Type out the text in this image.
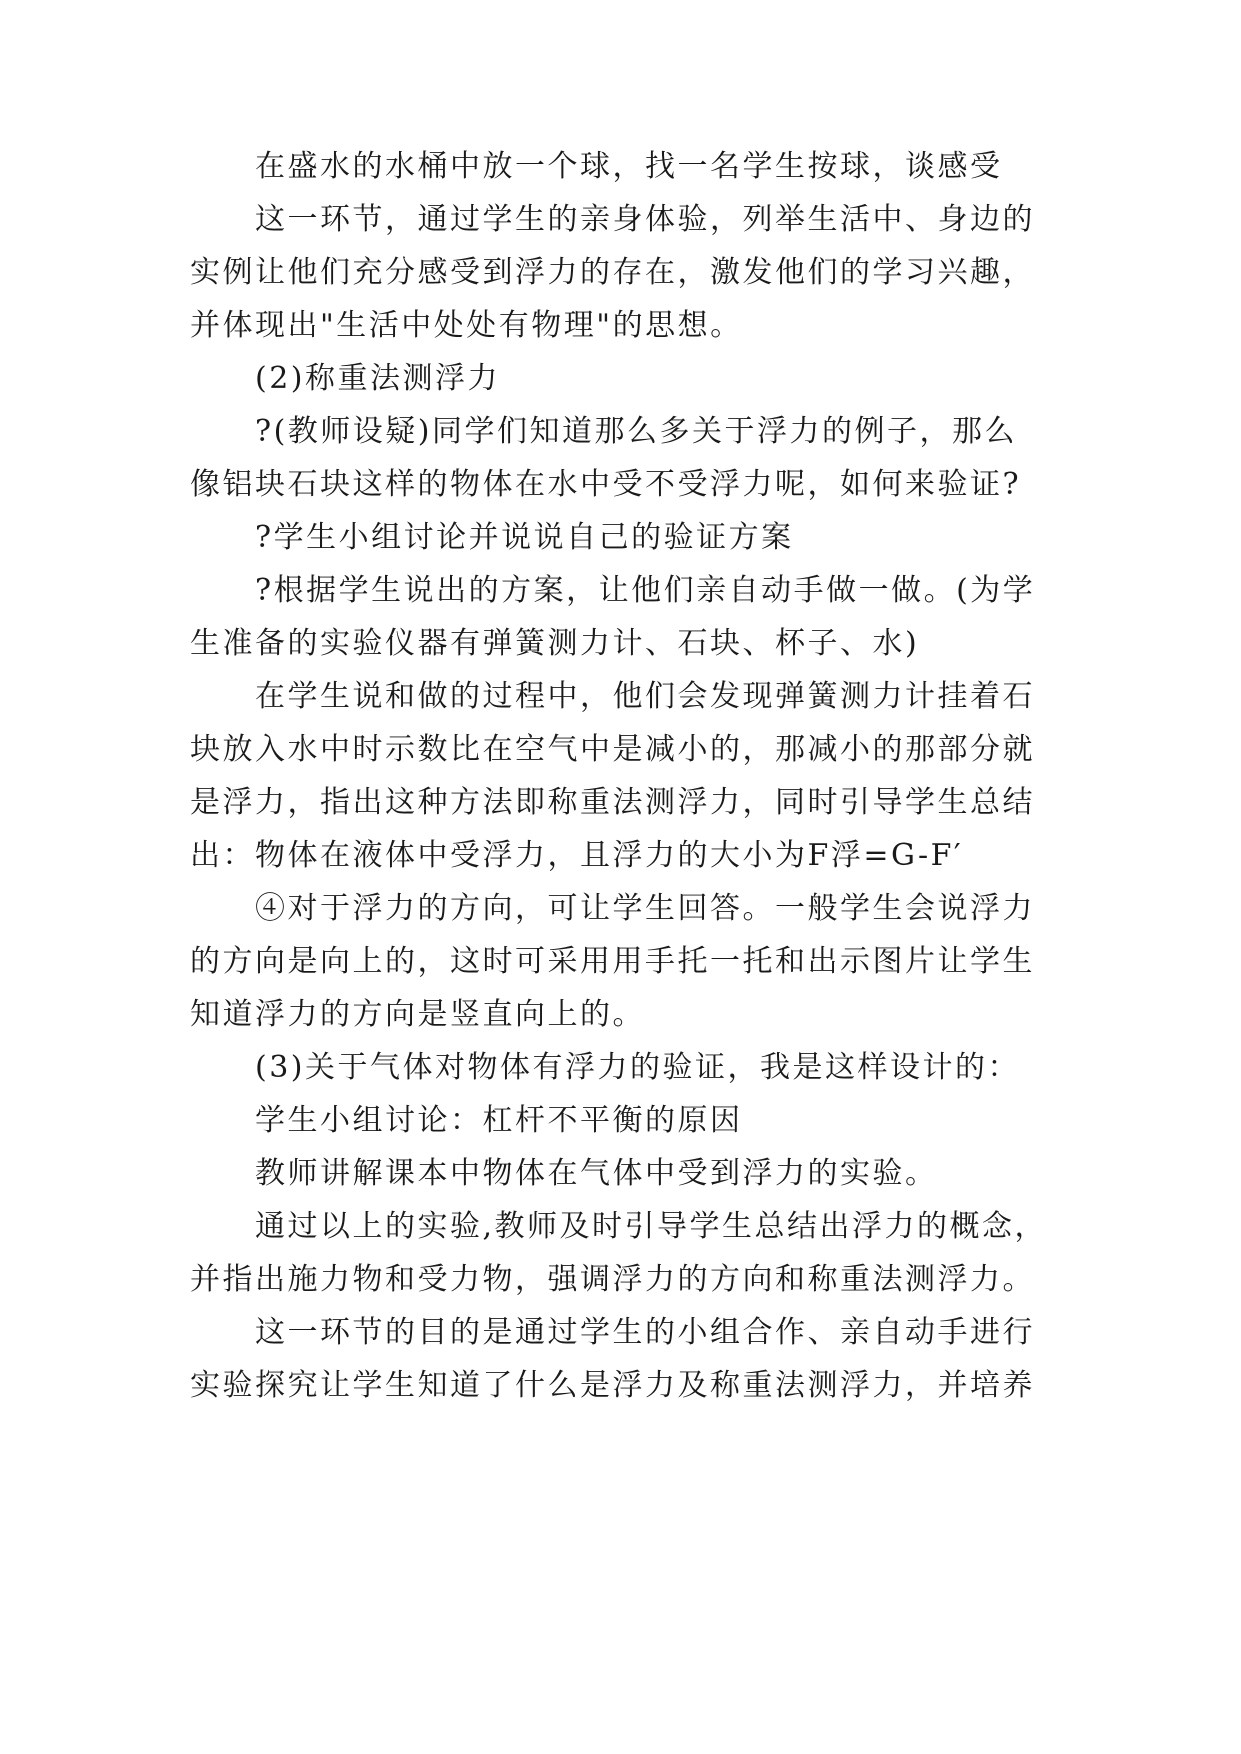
在盛水的水桶中放一个球，找一名学生按球，谈感受
这一环节，通过学生的亲身体验，列举生活中、身边的
实例让他们充分感受到浮力的存在，激发他们的学习兴趣，
并体现出"生活中处处有物理"的思想。
(2)称重法测浮力
?(教师设疑)同学们知道那么多关于浮力的例子，那么
像铝块石块这样的物体在水中受不受浮力呢，如何来验证?
?学生小组讨论并说说自己的验证方案
?根据学生说出的方案，让他们亲自动手做一做。(为学
生准备的实验仪器有弹簧测力计、石块、杯子、水)
在学生说和做的过程中，他们会发现弹簧测力计挂着石
块放入水中时示数比在空气中是减小的，那减小的那部分就
是浮力，指出这种方法即称重法测浮力，同时引导学生总结
出：物体在液体中受浮力，且浮力的大小为F浮=G-F′
④对于浮力的方向，可让学生回答。一般学生会说浮力
的方向是向上的，这时可采用用手托一托和出示图片让学生
知道浮力的方向是竖直向上的。
(3)关于气体对物体有浮力的验证，我是这样设计的：
学生小组讨论：杠杆不平衡的原因
教师讲解课本中物体在气体中受到浮力的实验。
通过以上的实验,教师及时引导学生总结出浮力的概念，
并指出施力物和受力物，强调浮力的方向和称重法测浮力。
这一环节的目的是通过学生的小组合作、亲自动手进行
实验探究让学生知道了什么是浮力及称重法测浮力，并培养
